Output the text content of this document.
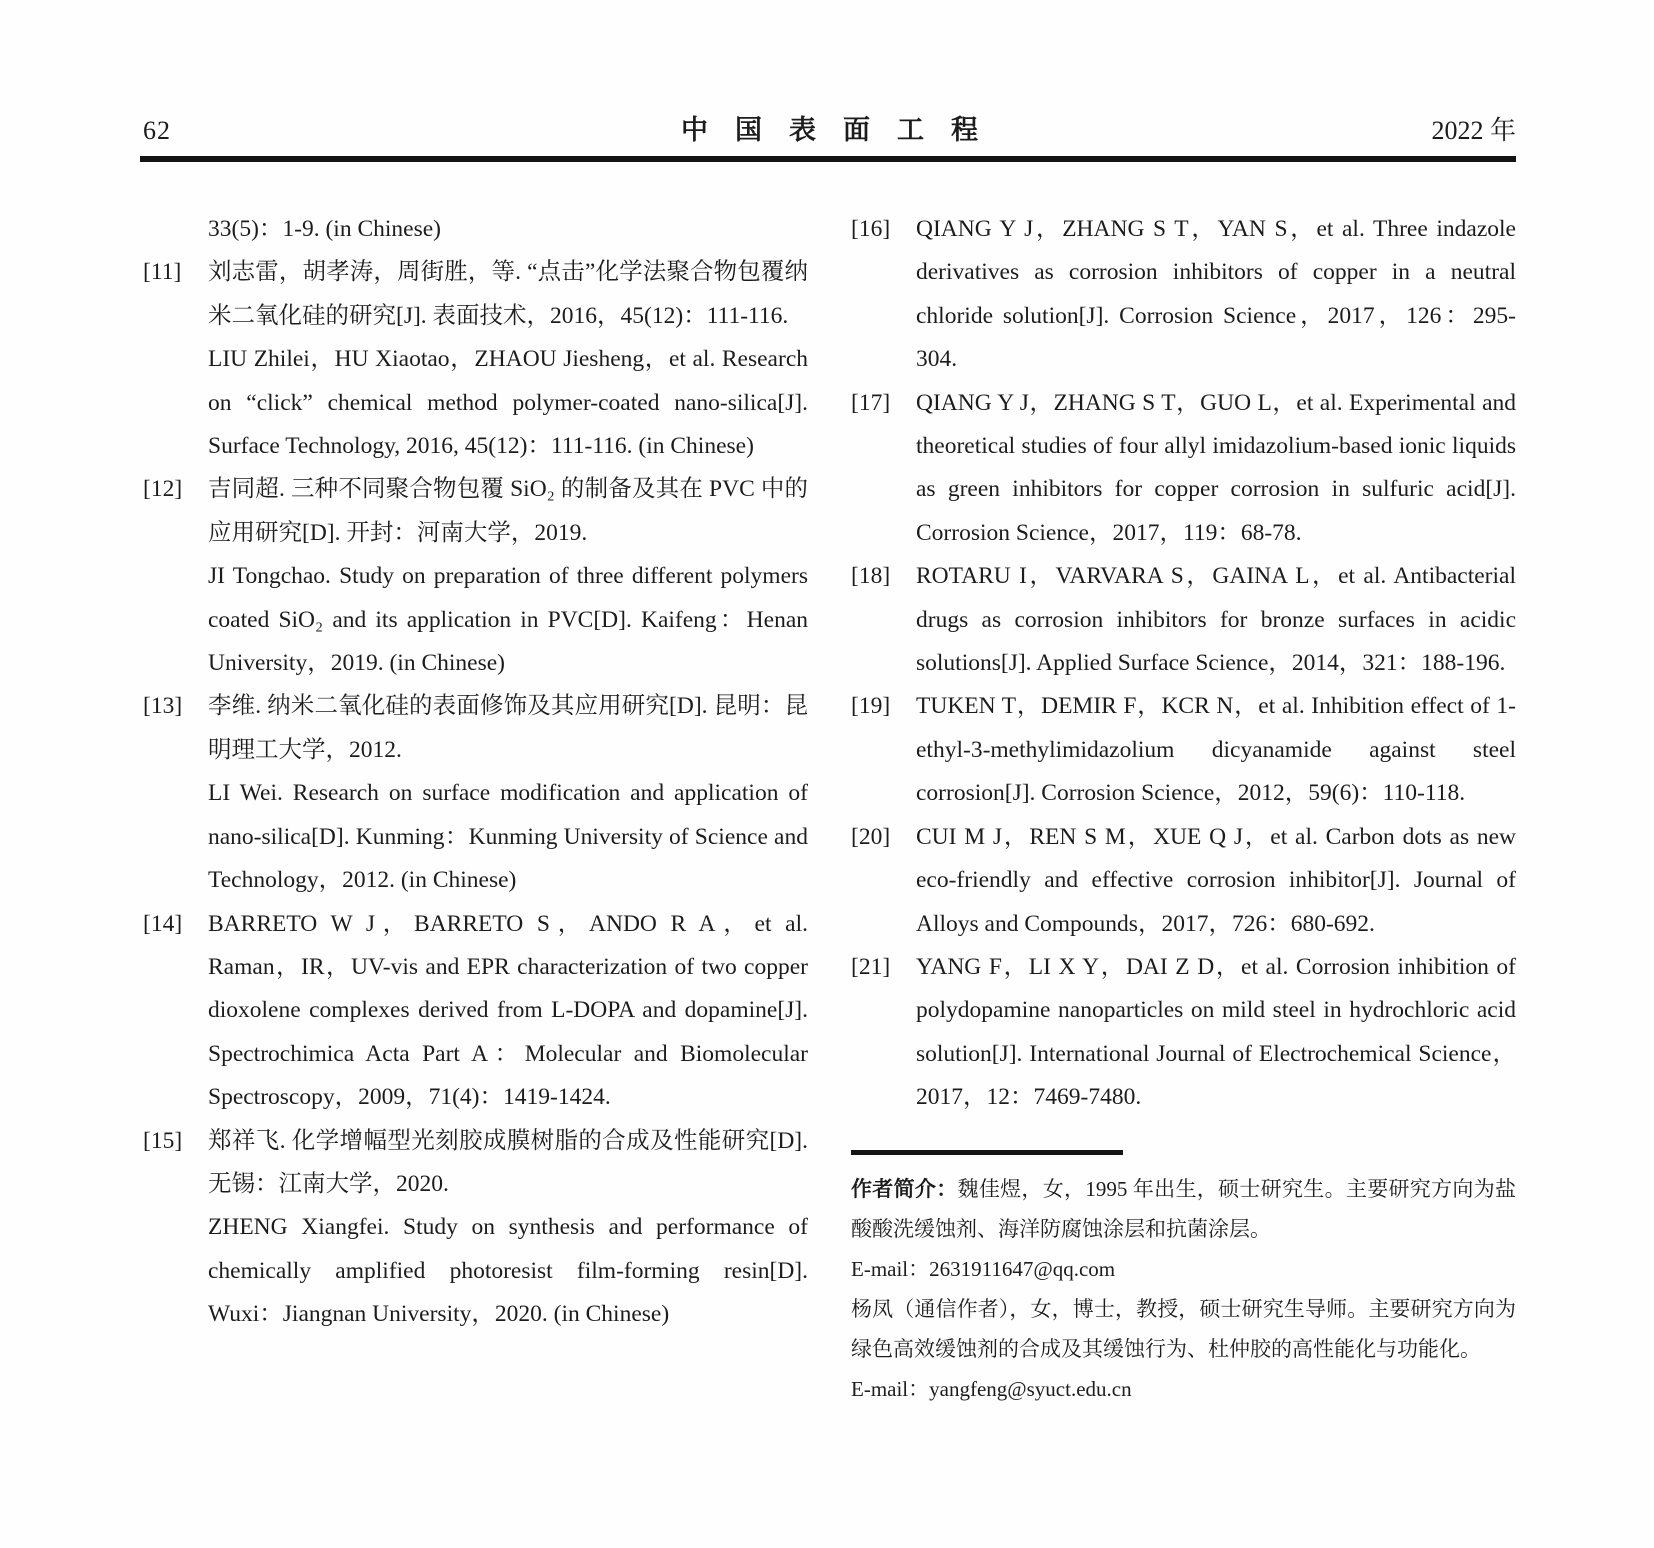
62	中国表面工程	2022 年

33(5)：1-9. (in Chinese)

[11]	刘志雷，胡孝涛，周街胜，等. “点击”化学法聚合物包覆纳米二氧化硅的研究[J]. 表面技术，2016，45(12)：111-116.

LIU Zhilei，HU Xiaotao，ZHAOU Jiesheng，et al. Research on “click” chemical method polymer-coated nano-silica[J]. Surface Technology, 2016, 45(12)：111-116. (in Chinese)

[12]	吉同超. 三种不同聚合物包覆 SiO₂ 的制备及其在 PVC 中的应用研究[D]. 开封：河南大学，2019.

JI Tongchao. Study on preparation of three different polymers coated SiO₂ and its application in PVC[D]. Kaifeng：Henan University，2019. (in Chinese)

[13]	李维. 纳米二氧化硅的表面修饰及其应用研究[D]. 昆明：昆明理工大学，2012.

LI Wei. Research on surface modification and application of nano-silica[D]. Kunming：Kunming University of Science and Technology，2012. (in Chinese)

[14]	BARRETO W J，BARRETO S，ANDO R A，et al. Raman，IR，UV-vis and EPR characterization of two copper dioxolene complexes derived from L-DOPA and dopamine[J]. Spectrochimica Acta Part A：Molecular and Biomolecular Spectroscopy，2009，71(4)：1419-1424.

[15]	郑祥飞. 化学增幅型光刻胶成膜树脂的合成及性能研究[D]. 无锡：江南大学，2020.

ZHENG Xiangfei. Study on synthesis and performance of chemically amplified photoresist film-forming resin[D]. Wuxi：Jiangnan University，2020. (in Chinese)

[16]	QIANG Y J，ZHANG S T，YAN S，et al. Three indazole derivatives as corrosion inhibitors of copper in a neutral chloride solution[J]. Corrosion Science，2017，126：295-304.

[17]	QIANG Y J，ZHANG S T，GUO L，et al. Experimental and theoretical studies of four allyl imidazolium-based ionic liquids as green inhibitors for copper corrosion in sulfuric acid[J]. Corrosion Science，2017，119：68-78.

[18]	ROTARU I，VARVARA S，GAINA L，et al. Antibacterial drugs as corrosion inhibitors for bronze surfaces in acidic solutions[J]. Applied Surface Science，2014，321：188-196.

[19]	TUKEN T，DEMIR F，KCR N，et al. Inhibition effect of 1-ethyl-3-methylimidazolium dicyanamide against steel corrosion[J]. Corrosion Science，2012，59(6)：110-118.

[20]	CUI M J，REN S M，XUE Q J，et al. Carbon dots as new eco-friendly and effective corrosion inhibitor[J]. Journal of Alloys and Compounds，2017，726：680-692.

[21]	YANG F，LI X Y，DAI Z D，et al. Corrosion inhibition of polydopamine nanoparticles on mild steel in hydrochloric acid solution[J]. International Journal of Electrochemical Science，2017，12：7469-7480.

作者简介：魏佳煜，女，1995 年出生，硕士研究生。主要研究方向为盐酸酸洗缓蚀剂、海洋防腐蚀涂层和抗菌涂层。

E-mail：2631911647@qq.com

杨凤（通信作者），女，博士，教授，硕士研究生导师。主要研究方向为绿色高效缓蚀剂的合成及其缓蚀行为、杜仲胶的高性能化与功能化。

E-mail：yangfeng@syuct.edu.cn
